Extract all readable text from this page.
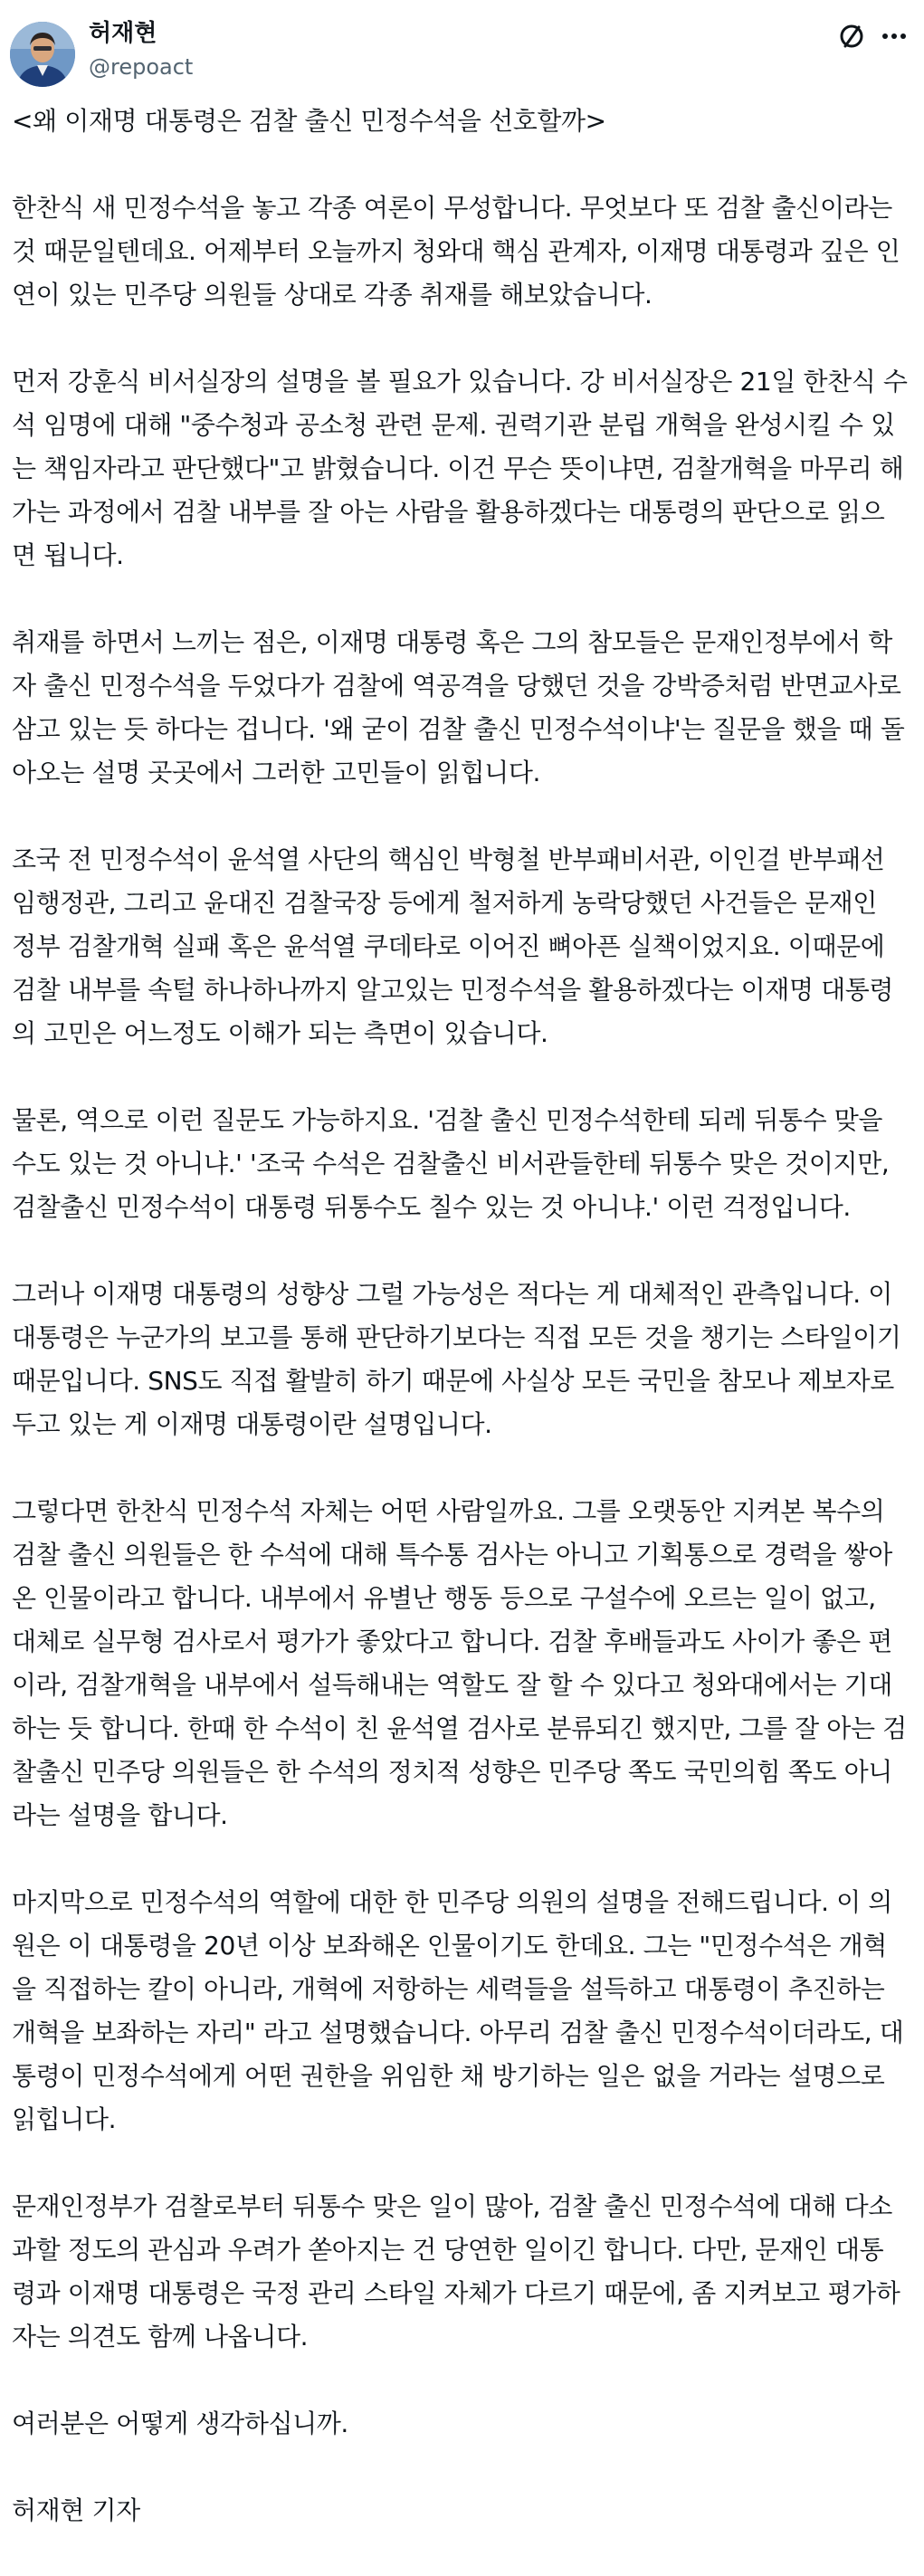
허재현
@repoact

<왜 이재명 대통령은 검찰 출신 민정수석을 선호할까>

한찬식 새 민정수석을 놓고 각종 여론이 무성합니다. 무엇보다 또 검찰 출신이라는
것 때문일텐데요. 어제부터 오늘까지 청와대 핵심 관계자, 이재명 대통령과 깊은 인
연이 있는 민주당 의원들 상대로 각종 취재를 해보았습니다.

먼저 강훈식 비서실장의 설명을 볼 필요가 있습니다. 강 비서실장은 21일 한찬식 수
석 임명에 대해 "중수청과 공소청 관련 문제. 권력기관 분립 개혁을 완성시킬 수 있
는 책임자라고 판단했다"고 밝혔습니다. 이건 무슨 뜻이냐면, 검찰개혁을 마무리 해
가는 과정에서 검찰 내부를 잘 아는 사람을 활용하겠다는 대통령의 판단으로 읽으
면 됩니다.

취재를 하면서 느끼는 점은, 이재명 대통령 혹은 그의 참모들은 문재인정부에서 학
자 출신 민정수석을 두었다가 검찰에 역공격을 당했던 것을 강박증처럼 반면교사로
삼고 있는 듯 하다는 겁니다. '왜 굳이 검찰 출신 민정수석이냐'는 질문을 했을 때 돌
아오는 설명 곳곳에서 그러한 고민들이 읽힙니다.

조국 전 민정수석이 윤석열 사단의 핵심인 박형철 반부패비서관, 이인걸 반부패선
임행정관, 그리고 윤대진 검찰국장 등에게 철저하게 농락당했던 사건들은 문재인
정부 검찰개혁 실패 혹은 윤석열 쿠데타로 이어진 뼈아픈 실책이었지요. 이때문에
검찰 내부를 속털 하나하나까지 알고있는 민정수석을 활용하겠다는 이재명 대통령
의 고민은 어느정도 이해가 되는 측면이 있습니다.

물론, 역으로 이런 질문도 가능하지요. '검찰 출신 민정수석한테 되레 뒤통수 맞을
수도 있는 것 아니냐.' '조국 수석은 검찰출신 비서관들한테 뒤통수 맞은 것이지만,
검찰출신 민정수석이 대통령 뒤통수도 칠수 있는 것 아니냐.' 이런 걱정입니다.

그러나 이재명 대통령의 성향상 그럴 가능성은 적다는 게 대체적인 관측입니다. 이
대통령은 누군가의 보고를 통해 판단하기보다는 직접 모든 것을 챙기는 스타일이기
때문입니다. SNS도 직접 활발히 하기 때문에 사실상 모든 국민을 참모나 제보자로
두고 있는 게 이재명 대통령이란 설명입니다.

그렇다면 한찬식 민정수석 자체는 어떤 사람일까요. 그를 오랫동안 지켜본 복수의
검찰 출신 의원들은 한 수석에 대해 특수통 검사는 아니고 기획통으로 경력을 쌓아
온 인물이라고 합니다. 내부에서 유별난 행동 등으로 구설수에 오르는 일이 없고,
대체로 실무형 검사로서 평가가 좋았다고 합니다. 검찰 후배들과도 사이가 좋은 편
이라, 검찰개혁을 내부에서 설득해내는 역할도 잘 할 수 있다고 청와대에서는 기대
하는 듯 합니다. 한때 한 수석이 친 윤석열 검사로 분류되긴 했지만, 그를 잘 아는 검
찰출신 민주당 의원들은 한 수석의 정치적 성향은 민주당 쪽도 국민의힘 쪽도 아니
라는 설명을 합니다.

마지막으로 민정수석의 역할에 대한 한 민주당 의원의 설명을 전해드립니다. 이 의
원은 이 대통령을 20년 이상 보좌해온 인물이기도 한데요. 그는 "민정수석은 개혁
을 직접하는 칼이 아니라, 개혁에 저항하는 세력들을 설득하고 대통령이 추진하는
개혁을 보좌하는 자리" 라고 설명했습니다. 아무리 검찰 출신 민정수석이더라도, 대
통령이 민정수석에게 어떤 권한을 위임한 채 방기하는 일은 없을 거라는 설명으로
읽힙니다.

문재인정부가 검찰로부터 뒤통수 맞은 일이 많아, 검찰 출신 민정수석에 대해 다소
과할 정도의 관심과 우려가 쏟아지는 건 당연한 일이긴 합니다. 다만, 문재인 대통
령과 이재명 대통령은 국정 관리 스타일 자체가 다르기 때문에, 좀 지켜보고 평가하
자는 의견도 함께 나옵니다.

여러분은 어떻게 생각하십니까.

허재현 기자
